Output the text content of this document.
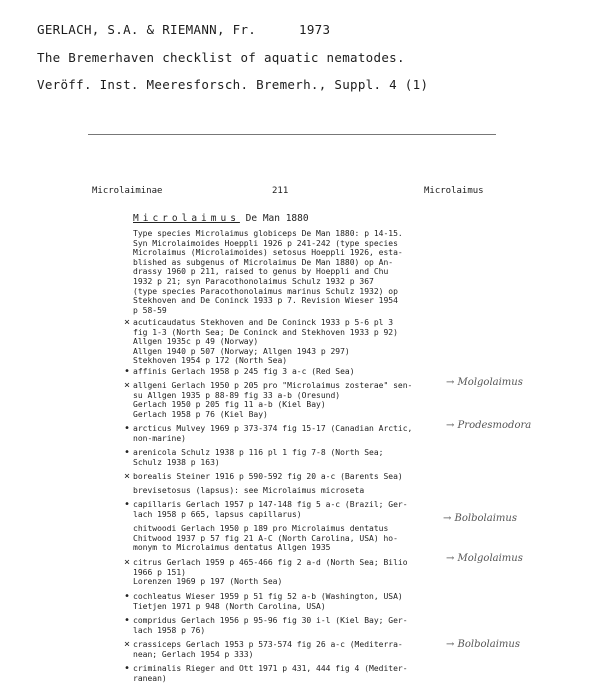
GERLACH, S.A. & RIEMANN, Fr.	1973
The Bremerhaven checklist of aquatic nematodes.
Veröff. Inst. Meeresforsch. Bremerh., Suppl. 4 (1)
Microlaiminae	211	Microlaimus
Microlaimus De Man 1880
Type species Microlaimus globiceps De Man 1880: p 14-15.
Syn Microlaimoides Hoeppli 1926 p 241-242 (type species
Microlaimus (Microlaimoides) setosus Hoeppli 1926, esta-
blished as subgenus of Microlaimus De Man 1880) op An-
drassy 1960 p 211, raised to genus by Hoeppli and Chu
1932 p 21; syn Paracothonolaimus Schulz 1932 p 367
(type species Paracothonolaimus marinus Schulz 1932) op
Stekhoven and De Coninck 1933 p 7. Revision Wieser 1954
p 58-59
× acuticaudatus Stekhoven and De Coninck 1933 p 5-6 pl 3
fig 1-3 (North Sea; De Coninck and Stekhoven 1933 p 92)
Allgen 1935c p 49 (Norway)
Allgen 1940 p 507 (Norway; Allgen 1943 p 297)
Stekhoven 1954 p 172 (North Sea)
• affinis Gerlach 1958 p 245 fig 3 a-c (Red Sea)
× allgeni Gerlach 1950 p 205 pro "Microlaimus zosterae" sen-
su Allgen 1935 p 88-89 fig 33 a-b (Oresund)
Gerlach 1950 p 205 fig 11 a-b (Kiel Bay)
Gerlach 1958 p 76 (Kiel Bay)
• arcticus Mulvey 1969 p 373-374 fig 15-17 (Canadian Arctic,
non-marine)
• arenicola Schulz 1938 p 116 pl 1 fig 7-8 (North Sea;
Schulz 1938 p 163)
× borealis Steiner 1916 p 590-592 fig 20 a-c (Barents Sea)
brevisetosus (lapsus): see Microlaimus microseta
• capillaris Gerlach 1957 p 147-148 fig 5 a-c (Brazil; Ger-
lach 1958 p 665, lapsus capillarus)
chitwoodi Gerlach 1950 p 189 pro Microlaimus dentatus
Chitwood 1937 p 57 fig 21 A-C (North Carolina, USA) ho-
monym to Microlaimus dentatus Allgen 1935
× citrus Gerlach 1959 p 465-466 fig 2 a-d (North Sea; Bilio
1966 p 151)
Lorenzen 1969 p 197 (North Sea)
• cochleatus Wieser 1959 p 51 fig 52 a-b (Washington, USA)
Tietjen 1971 p 948 (North Carolina, USA)
• compridus Gerlach 1956 p 95-96 fig 30 i-l (Kiel Bay; Ger-
lach 1958 p 76)
× crassiceps Gerlach 1953 p 573-574 fig 26 a-c (Mediterra-
nean; Gerlach 1954 p 333)
• criminalis Rieger and Ott 1971 p 431, 444 fig 4 (Mediter-
ranean)
→ Molgolaimus
→ Prodesmodora
→ Bolbolaimus
→ Molgolaimus
→ Bolbolaimus
